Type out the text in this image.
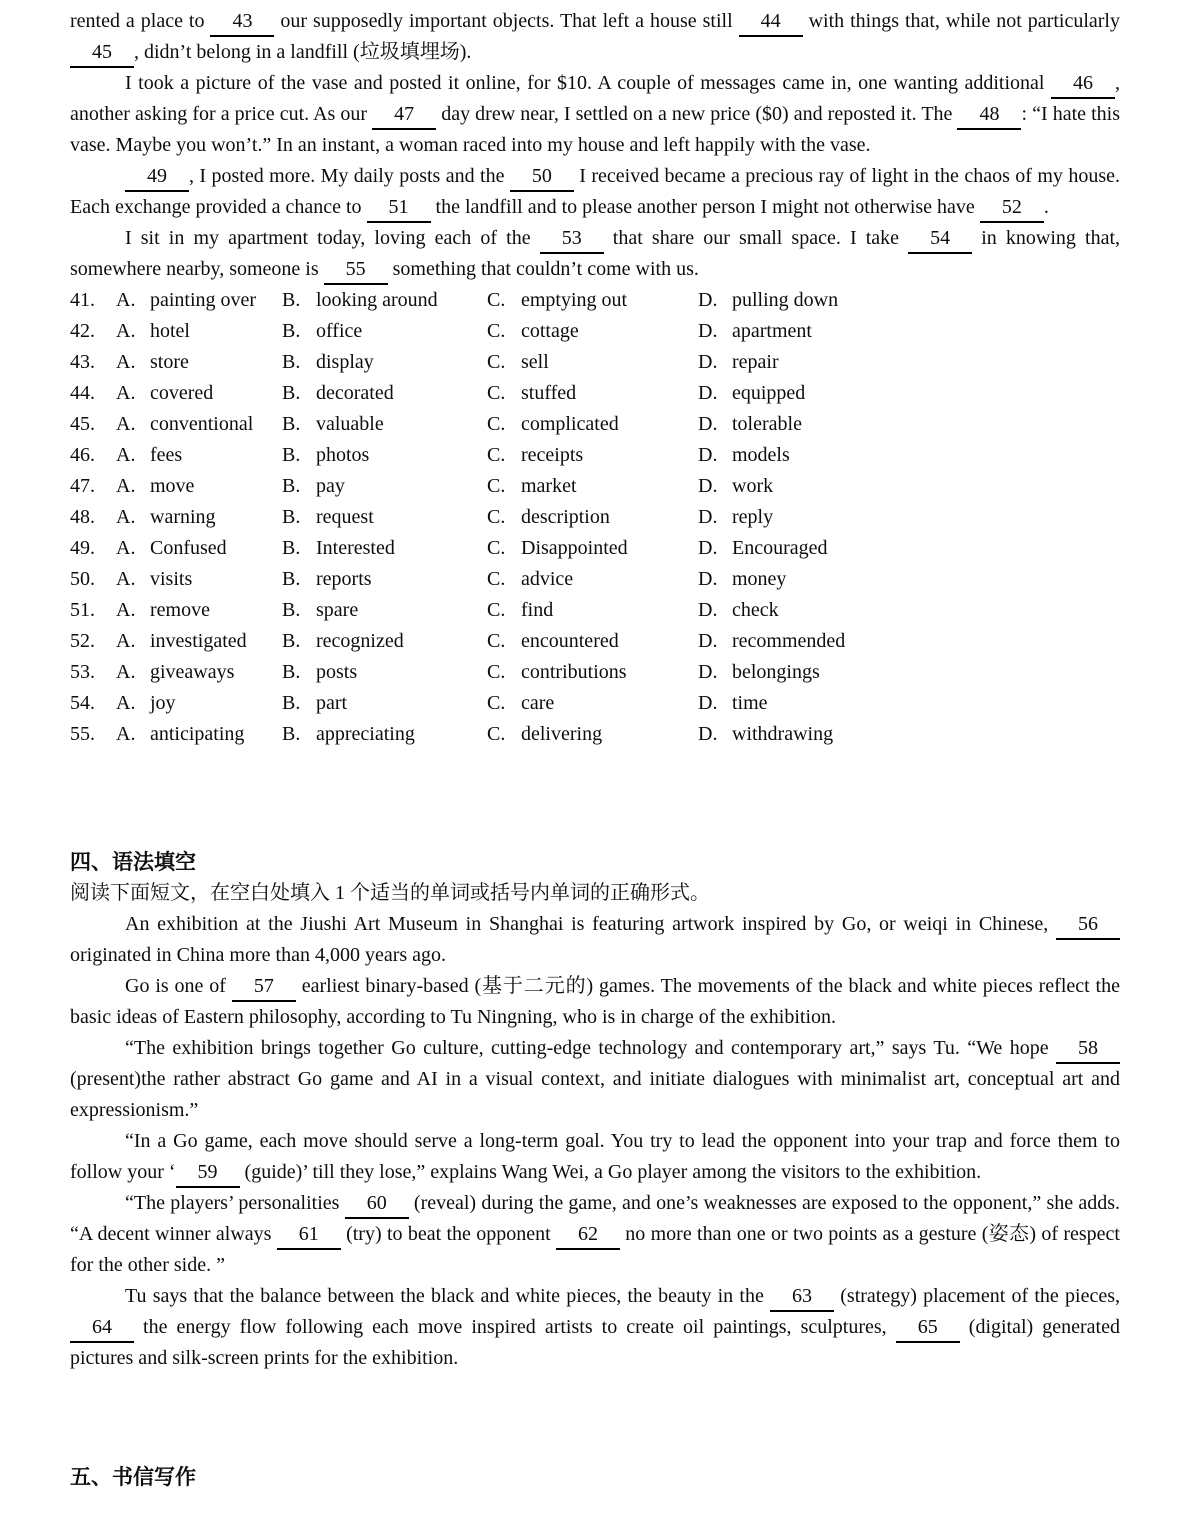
rented a place to 43 our supposedly important objects. That left a house still 44 with things that, while not particularly 45 , didn’t belong in a landfill (垃圾填埋场).

I took a picture of the vase and posted it online, for $10. A couple of messages came in, one wanting additional 46 , another asking for a price cut. As our 47 day drew near, I settled on a new price ($0) and reposted it. The 48 : “I hate this vase. Maybe you won’t.” In an instant, a woman raced into my house and left happily with the vase.

49 , I posted more. My daily posts and the 50 I received became a precious ray of light in the chaos of my house. Each exchange provided a chance to 51 the landfill and to please another person I might not otherwise have 52 .

I sit in my apartment today, loving each of the 53 that share our small space. I take 54 in knowing that, somewhere nearby, someone is 55 something that couldn’t come with us.

41.	A. painting over	B. looking around	C. emptying out	D. pulling down
42.	A. hotel	B. office	C. cottage	D. apartment
43.	A. store	B. display	C. sell	D. repair
44.	A. covered	B. decorated	C. stuffed	D. equipped
45.	A. conventional	B. valuable	C. complicated	D. tolerable
46.	A. fees	B. photos	C. receipts	D. models
47.	A. move	B. pay	C. market	D. work
48.	A. warning	B. request	C. description	D. reply
49.	A. Confused	B. Interested	C. Disappointed	D. Encouraged
50.	A. visits	B. reports	C. advice	D. money
51.	A. remove	B. spare	C. find	D. check
52.	A. investigated	B. recognized	C. encountered	D. recommended
53.	A. giveaways	B. posts	C. contributions	D. belongings
54.	A. joy	B. part	C. care	D. time
55.	A. anticipating	B. appreciating	C. delivering	D. withdrawing
四、语法填空

阅读下面短文，在空白处填入 1 个适当的单词或括号内单词的正确形式。

An exhibition at the Jiushi Art Museum in Shanghai is featuring artwork inspired by Go, or weiqi in Chinese, 56 originated in China more than 4,000 years ago.

Go is one of 57 earliest binary-based (基于二元的) games. The movements of the black and white pieces reflect the basic ideas of Eastern philosophy, according to Tu Ningning, who is in charge of the exhibition.

“The exhibition brings together Go culture, cutting-edge technology and contemporary art,” says Tu. “We hope 58 (present)the rather abstract Go game and AI in a visual context, and initiate dialogues with minimalist art, conceptual art and expressionism.”

“In a Go game, each move should serve a long-term goal. You try to lead the opponent into your trap and force them to follow your ‘ 59 (guide)’ till they lose,” explains Wang Wei, a Go player among the visitors to the exhibition.

“The players’ personalities 60 (reveal) during the game, and one’s weaknesses are exposed to the opponent,” she adds. “A decent winner always 61 (try) to beat the opponent 62 no more than one or two points as a gesture (姿态) of respect for the other side. ”

Tu says that the balance between the black and white pieces, the beauty in the 63 (strategy) placement of the pieces, 64 the energy flow following each move inspired artists to create oil paintings, sculptures, 65 (digital) generated pictures and silk-screen prints for the exhibition.

五、书信写作
